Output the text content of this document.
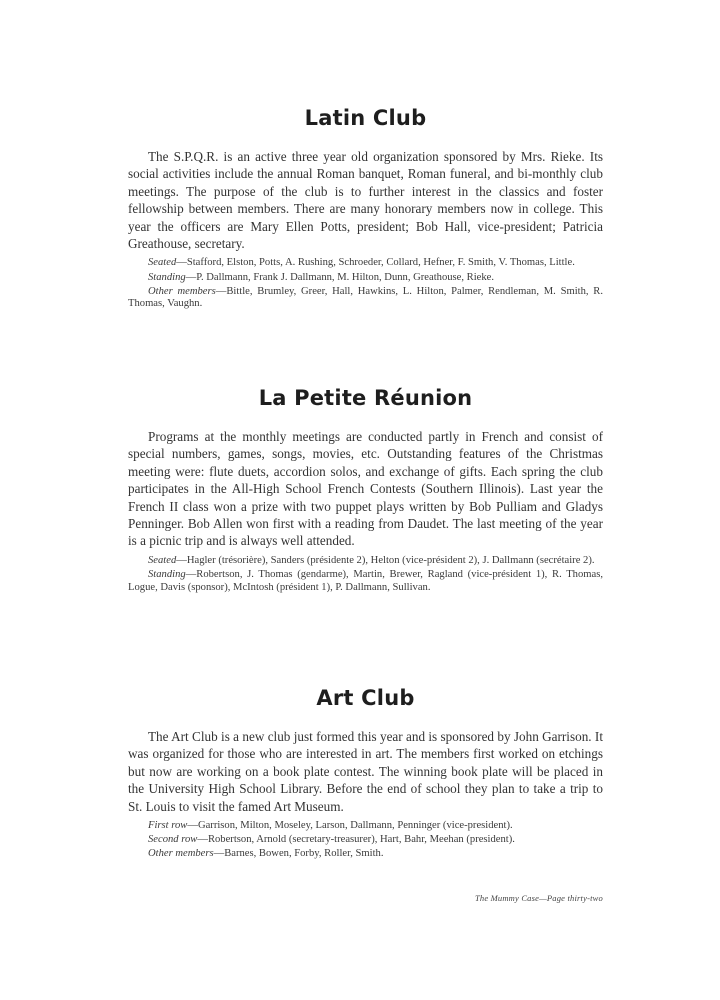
Latin Club

The S.P.Q.R. is an active three year old organization sponsored by Mrs. Rieke. Its social activities include the annual Roman banquet, Roman funeral, and bi-monthly club meetings. The purpose of the club is to further interest in the classics and foster fellowship between members. There are many honorary members now in college. This year the officers are Mary Ellen Potts, president; Bob Hall, vice-president; Patricia Greathouse, secretary.

Seated—Stafford, Elston, Potts, A. Rushing, Schroeder, Collard, Hefner, F. Smith, V. Thomas, Little.

Standing—P. Dallmann, Frank J. Dallmann, M. Hilton, Dunn, Greathouse, Rieke.

Other members—Bittle, Brumley, Greer, Hall, Hawkins, L. Hilton, Palmer, Rendleman, M. Smith, R. Thomas, Vaughn.

La Petite Réunion

Programs at the monthly meetings are conducted partly in French and consist of special numbers, games, songs, movies, etc. Outstanding features of the Christmas meeting were: flute duets, accordion solos, and exchange of gifts. Each spring the club participates in the All-High School French Contests (Southern Illinois). Last year the French II class won a prize with two puppet plays written by Bob Pulliam and Gladys Penninger. Bob Allen won first with a reading from Daudet. The last meeting of the year is a picnic trip and is always well attended.

Seated—Hagler (trésorière), Sanders (présidente 2), Helton (vice-président 2), J. Dallmann (secrétaire 2).

Standing—Robertson, J. Thomas (gendarme), Martin, Brewer, Ragland (vice-président 1), R. Thomas, Logue, Davis (sponsor), McIntosh (président 1), P. Dallmann, Sullivan.

Art Club

The Art Club is a new club just formed this year and is sponsored by John Garrison. It was organized for those who are interested in art. The members first worked on etchings but now are working on a book plate contest. The winning book plate will be placed in the University High School Library. Before the end of school they plan to take a trip to St. Louis to visit the famed Art Museum.

First row—Garrison, Milton, Moseley, Larson, Dallmann, Penninger (vice-president).

Second row—Robertson, Arnold (secretary-treasurer), Hart, Bahr, Meehan (president).

Other members—Barnes, Bowen, Forby, Roller, Smith.

The Mummy Case—Page thirty-two
